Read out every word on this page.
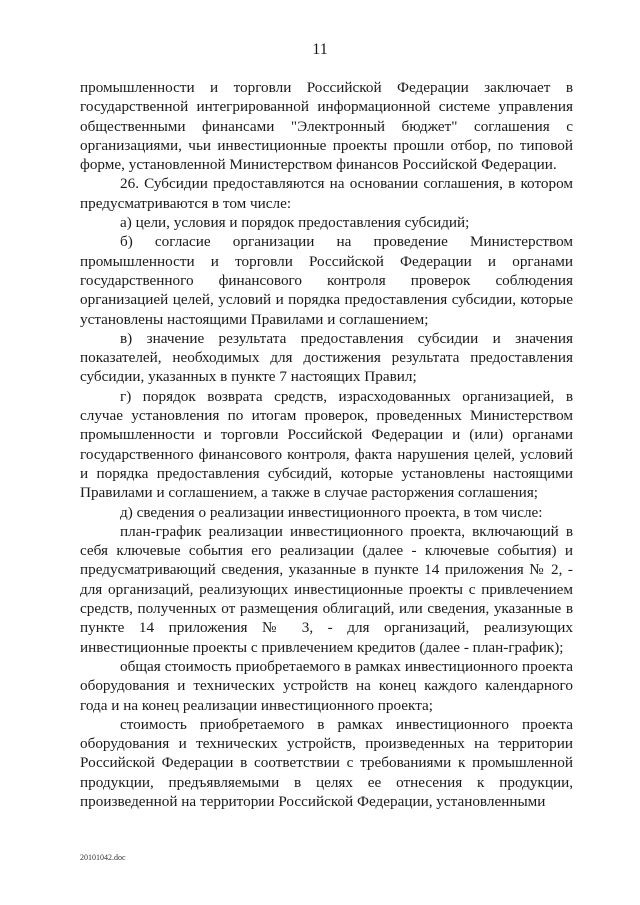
11

промышленности и торговли Российской Федерации заключает в государственной интегрированной информационной системе управления общественными финансами "Электронный бюджет" соглашения с организациями, чьи инвестиционные проекты прошли отбор, по типовой форме, установленной Министерством финансов Российской Федерации.

26. Субсидии предоставляются на основании соглашения, в котором предусматриваются в том числе:

а) цели, условия и порядок предоставления субсидий;

б) согласие организации на проведение Министерством промышленности и торговли Российской Федерации и органами государственного финансового контроля проверок соблюдения организацией целей, условий и порядка предоставления субсидии, которые установлены настоящими Правилами и соглашением;

в) значение результата предоставления субсидии и значения показателей, необходимых для достижения результата предоставления субсидии, указанных в пункте 7 настоящих Правил;

г) порядок возврата средств, израсходованных организацией, в случае установления по итогам проверок, проведенных Министерством промышленности и торговли Российской Федерации и (или) органами государственного финансового контроля, факта нарушения целей, условий и порядка предоставления субсидий, которые установлены настоящими Правилами и соглашением, а также в случае расторжения соглашения;

д) сведения о реализации инвестиционного проекта, в том числе:

план-график реализации инвестиционного проекта, включающий в себя ключевые события его реализации (далее - ключевые события) и предусматривающий сведения, указанные в пункте 14 приложения № 2, - для организаций, реализующих инвестиционные проекты с привлечением средств, полученных от размещения облигаций, или сведения, указанные в пункте 14 приложения № 3, - для организаций, реализующих инвестиционные проекты с привлечением кредитов (далее - план-график);

общая стоимость приобретаемого в рамках инвестиционного проекта оборудования и технических устройств на конец каждого календарного года и на конец реализации инвестиционного проекта;

стоимость приобретаемого в рамках инвестиционного проекта оборудования и технических устройств, произведенных на территории Российской Федерации в соответствии с требованиями к промышленной продукции, предъявляемыми в целях ее отнесения к продукции, произведенной на территории Российской Федерации, установленными

20101042.doc
